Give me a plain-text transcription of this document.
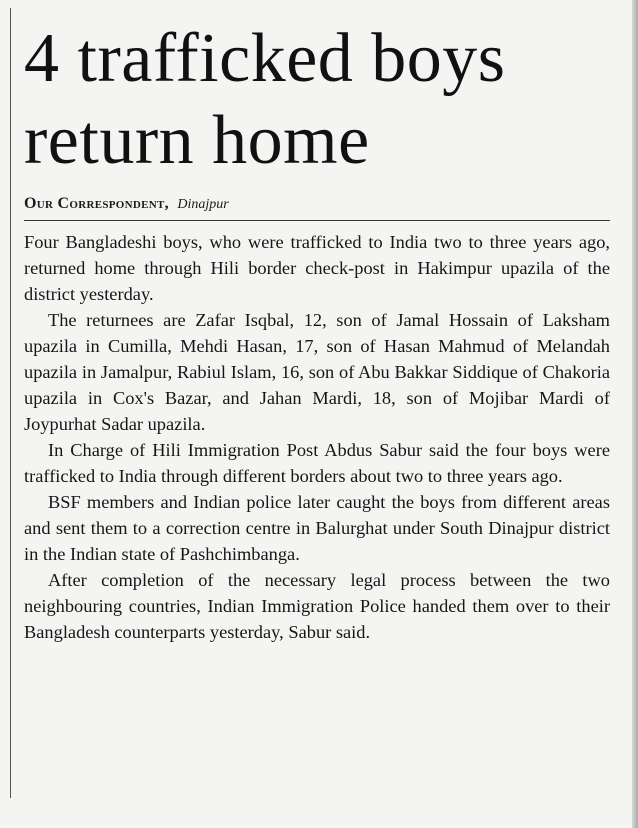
4 trafficked boys return home
Our Correspondent, Dinajpur

Four Bangladeshi boys, who were trafficked to India two to three years ago, returned home through Hili border check-post in Hakimpur upazila of the district yesterday.

The returnees are Zafar Isqbal, 12, son of Jamal Hossain of Laksham upazila in Cumilla, Mehdi Hasan, 17, son of Hasan Mahmud of Melandah upazila in Jamalpur, Rabiul Islam, 16, son of Abu Bakkar Siddique of Chakoria upazila in Cox's Bazar, and Jahan Mardi, 18, son of Mojibar Mardi of Joypurhat Sadar upazila.

In Charge of Hili Immigration Post Abdus Sabur said the four boys were trafficked to India through different borders about two to three years ago.

BSF members and Indian police later caught the boys from different areas and sent them to a correction centre in Balurghat under South Dinajpur district in the Indian state of Pashchimbanga.

After completion of the necessary legal process between the two neighbouring countries, Indian Immigration Police handed them over to their Bangladesh counterparts yesterday, Sabur said.
